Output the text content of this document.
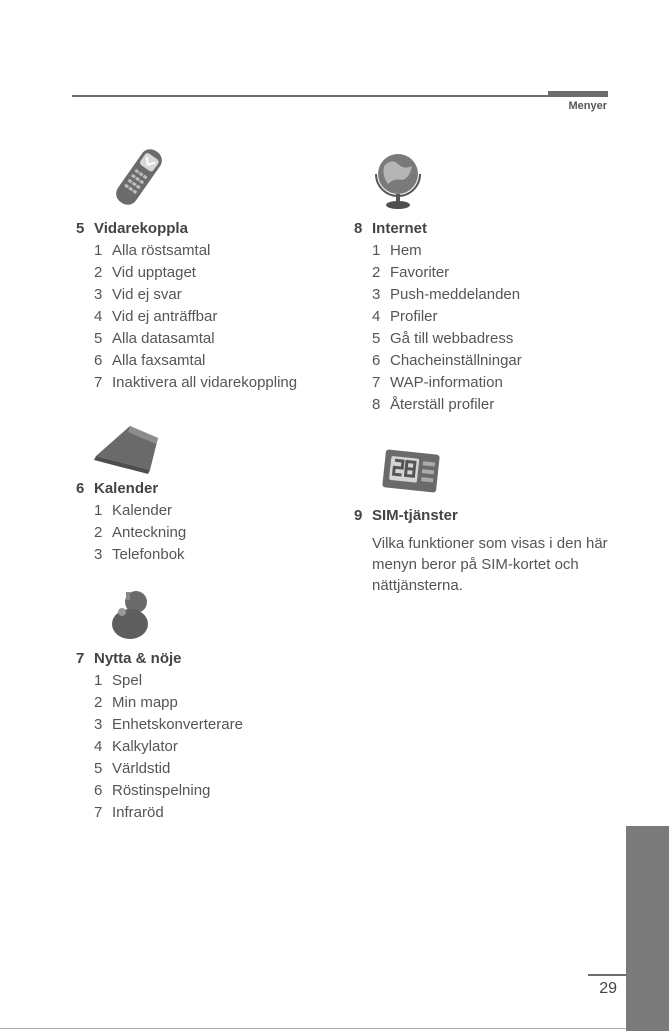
Menyer
5 Vidarekoppla
1 Alla röstsamtal
2 Vid upptaget
3 Vid ej svar
4 Vid ej anträffbar
5 Alla datasamtal
6 Alla faxsamtal
7 Inaktivera all vidarekoppling
6 Kalender
1 Kalender
2 Anteckning
3 Telefonbok
7 Nytta & nöje
1 Spel
2 Min mapp
3 Enhetskonverterare
4 Kalkylator
5 Världstid
6 Röstinspelning
7 Infraröd
8 Internet
1 Hem
2 Favoriter
3 Push-meddelanden
4 Profiler
5 Gå till webbadress
6 Chacheinställningar
7 WAP-information
8 Återställ profiler
9 SIM-tjänster
Vilka funktioner som visas i den här menyn beror på SIM-kortet och nättjänsterna.
29
